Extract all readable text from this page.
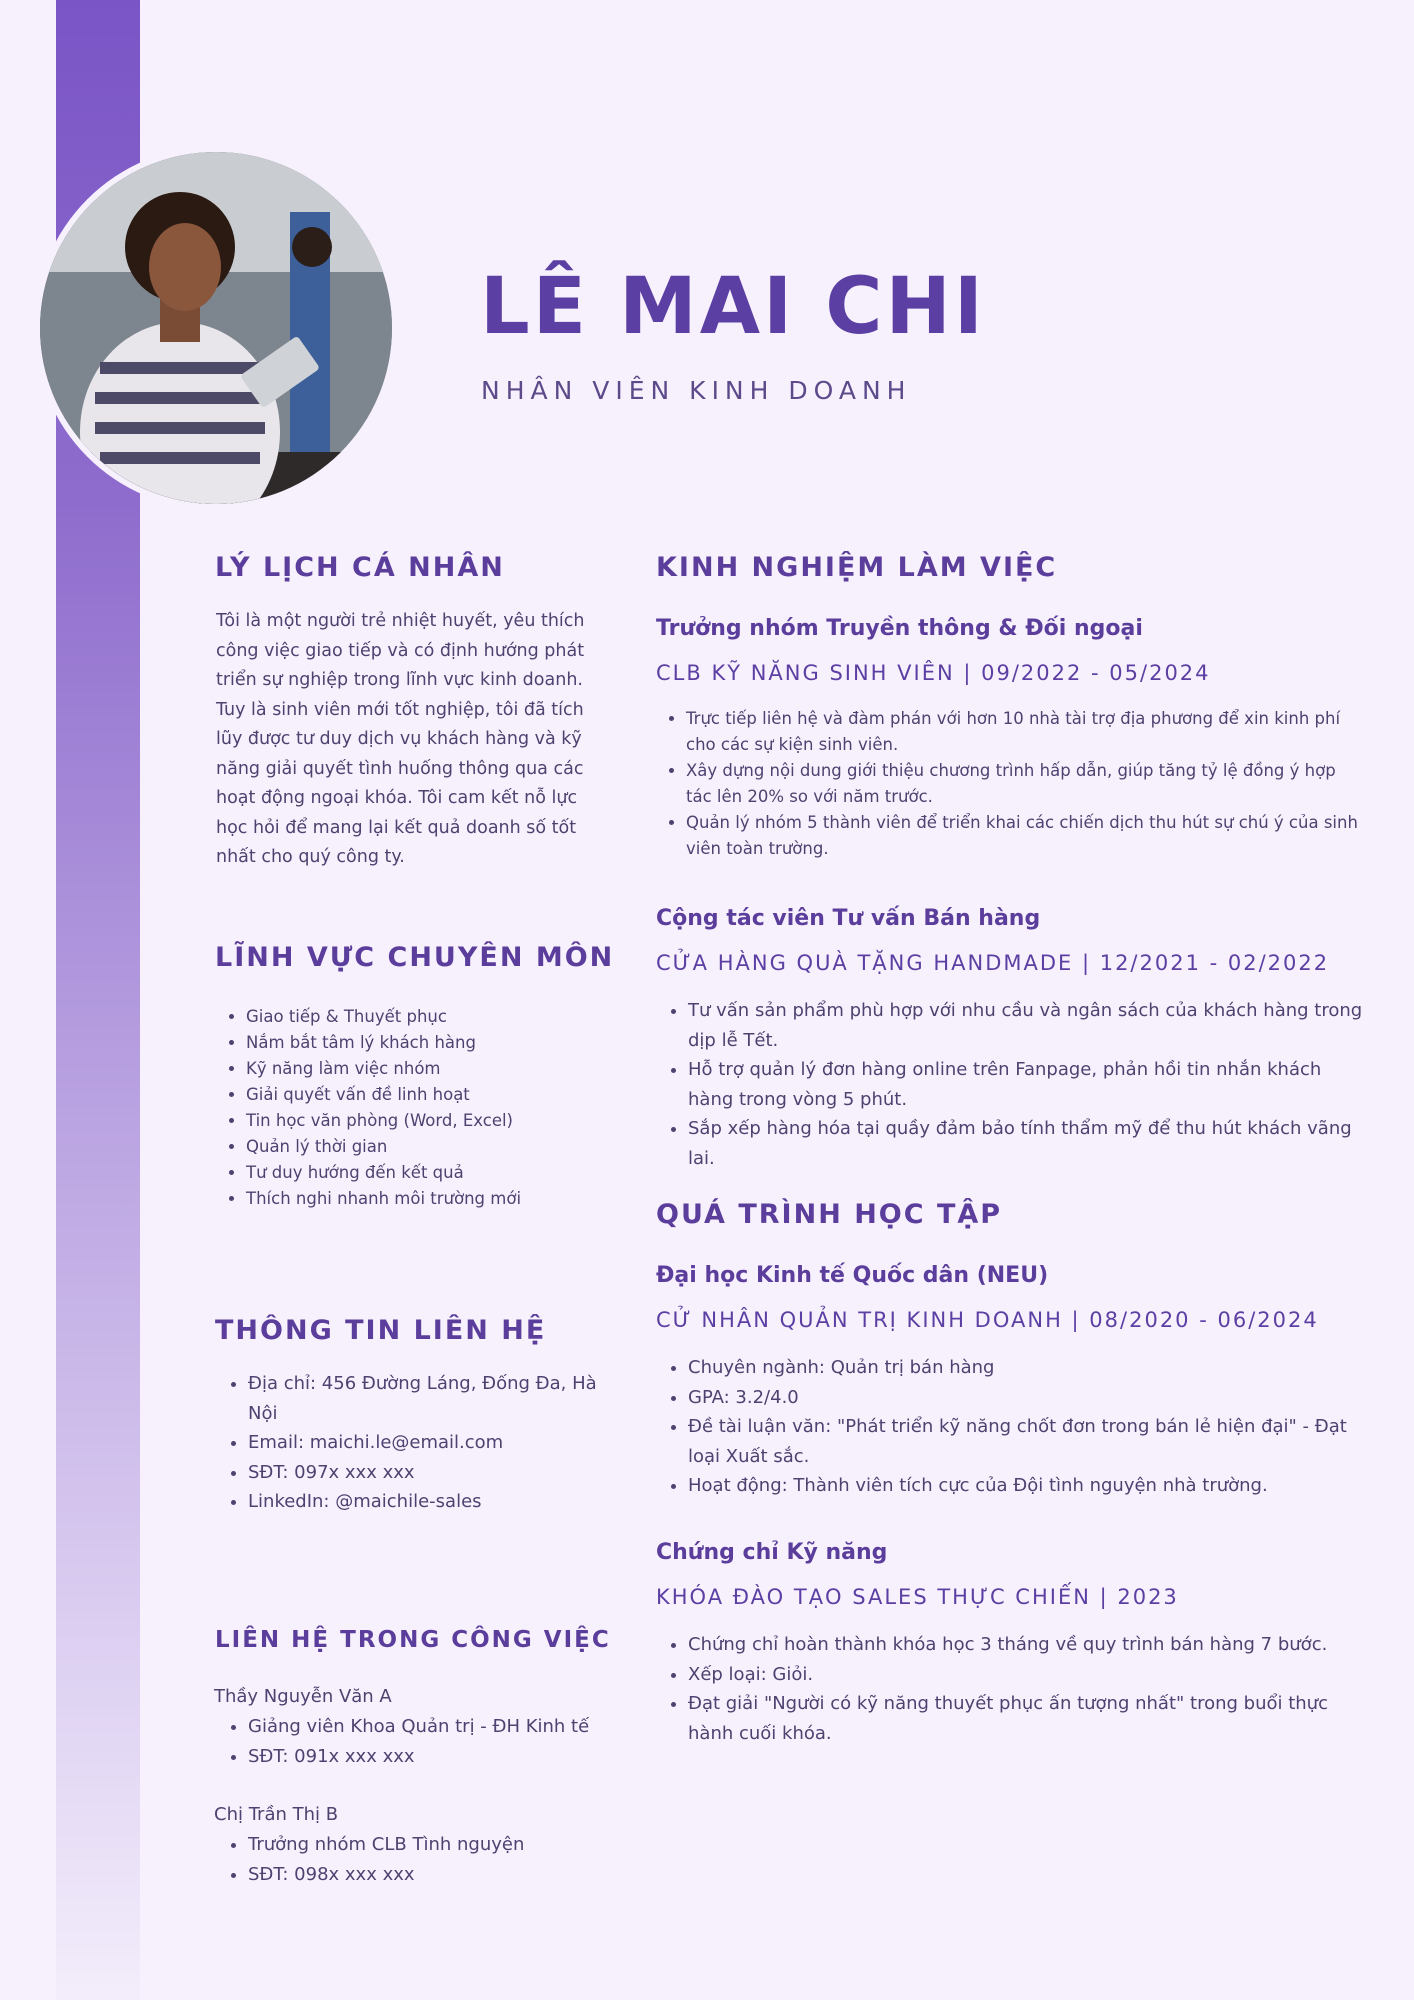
LÊ MAI CHI

NHÂN VIÊN KINH DOANH

LÝ LỊCH CÁ NHÂN

Tôi là một người trẻ nhiệt huyết, yêu thích công việc giao tiếp và có định hướng phát triển sự nghiệp trong lĩnh vực kinh doanh. Tuy là sinh viên mới tốt nghiệp, tôi đã tích lũy được tư duy dịch vụ khách hàng và kỹ năng giải quyết tình huống thông qua các hoạt động ngoại khóa. Tôi cam kết nỗ lực học hỏi để mang lại kết quả doanh số tốt nhất cho quý công ty.

LĨNH VỰC CHUYÊN MÔN
• Giao tiếp & Thuyết phục
• Nắm bắt tâm lý khách hàng
• Kỹ năng làm việc nhóm
• Giải quyết vấn đề linh hoạt
• Tin học văn phòng (Word, Excel)
• Quản lý thời gian
• Tư duy hướng đến kết quả
• Thích nghi nhanh môi trường mới
THÔNG TIN LIÊN HỆ
• Địa chỉ: 456 Đường Láng, Đống Đa, Hà Nội
• Email: maichi.le@email.com
• SĐT: 097x xxx xxx
• LinkedIn: @maichile-sales
LIÊN HỆ TRONG CÔNG VIỆC

Thầy Nguyễn Văn A

• Giảng viên Khoa Quản trị - ĐH Kinh tế
• SĐT: 091x xxx xxx

Chị Trần Thị B

• Trưởng nhóm CLB Tình nguyện
• SĐT: 098x xxx xxx
KINH NGHIỆM LÀM VIỆC

Trưởng nhóm Truyền thông & Đối ngoại

CLB KỸ NĂNG SINH VIÊN | 09/2022 - 05/2024

• Trực tiếp liên hệ và đàm phán với hơn 10 nhà tài trợ địa phương để xin kinh phí cho các sự kiện sinh viên.
• Xây dựng nội dung giới thiệu chương trình hấp dẫn, giúp tăng tỷ lệ đồng ý hợp tác lên 20% so với năm trước.
• Quản lý nhóm 5 thành viên để triển khai các chiến dịch thu hút sự chú ý của sinh viên toàn trường.

Cộng tác viên Tư vấn Bán hàng

CỬA HÀNG QUÀ TẶNG HANDMADE | 12/2021 - 02/2022

• Tư vấn sản phẩm phù hợp với nhu cầu và ngân sách của khách hàng trong dịp lễ Tết.
• Hỗ trợ quản lý đơn hàng online trên Fanpage, phản hồi tin nhắn khách hàng trong vòng 5 phút.
• Sắp xếp hàng hóa tại quầy đảm bảo tính thẩm mỹ để thu hút khách vãng lai.
QUÁ TRÌNH HỌC TẬP

Đại học Kinh tế Quốc dân (NEU)

CỬ NHÂN QUẢN TRỊ KINH DOANH | 08/2020 - 06/2024

• Chuyên ngành: Quản trị bán hàng
• GPA: 3.2/4.0
• Đề tài luận văn: "Phát triển kỹ năng chốt đơn trong bán lẻ hiện đại" - Đạt loại Xuất sắc.
• Hoạt động: Thành viên tích cực của Đội tình nguyện nhà trường.

Chứng chỉ Kỹ năng

KHÓA ĐÀO TẠO SALES THỰC CHIẾN | 2023

• Chứng chỉ hoàn thành khóa học 3 tháng về quy trình bán hàng 7 bước.
• Xếp loại: Giỏi.
• Đạt giải "Người có kỹ năng thuyết phục ấn tượng nhất" trong buổi thực hành cuối khóa.
